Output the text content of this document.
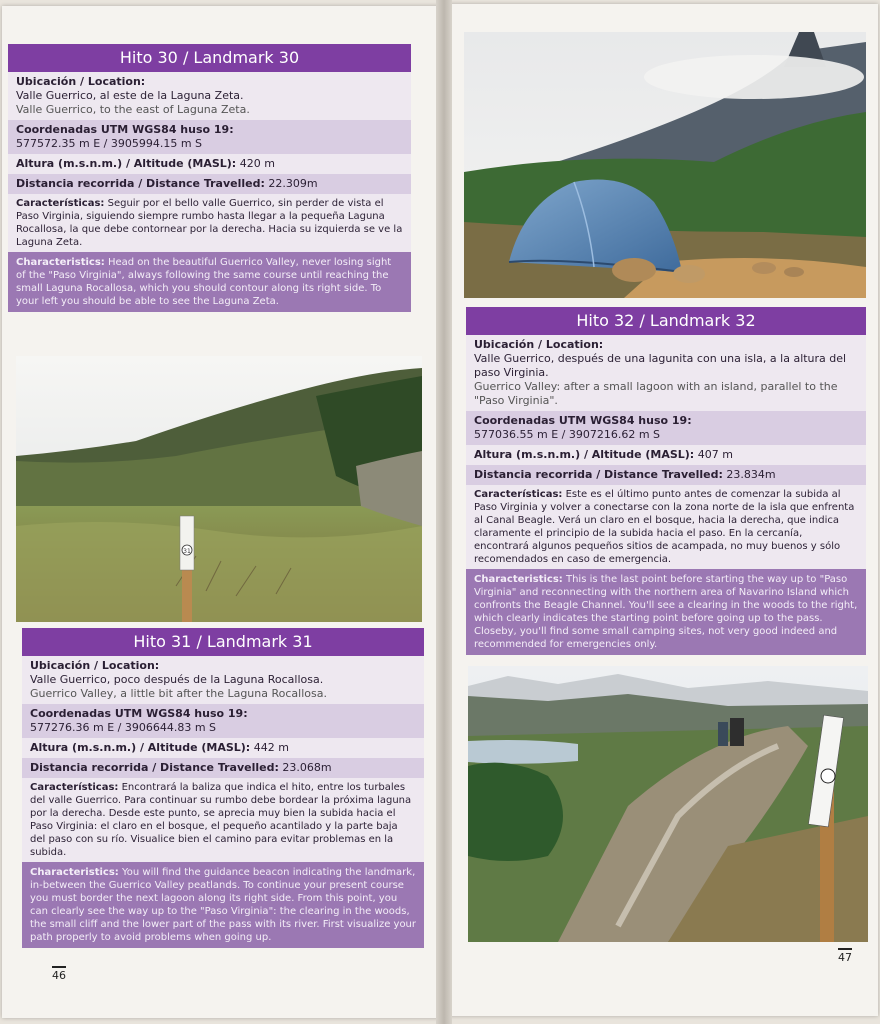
Hito 30 / Landmark 30
Ubicación / Location:
Valle Guerrico, al este de la Laguna Zeta.
Valle Guerrico, to the east of Laguna Zeta.
Coordenadas UTM WGS84 huso 19:
577572.35 m E / 3905994.15 m S
Altura (m.s.n.m.) / Altitude (MASL): 420 m
Distancia recorrida / Distance Travelled: 22.309m
Características: Seguir por el bello valle Guerrico, sin perder de vista el Paso Virginia, siguiendo siempre rumbo hasta llegar a la pequeña Laguna Rocallosa, la que debe contornear por la derecha. Hacia su izquierda se ve la Laguna Zeta.
Characteristics: Head on the beautiful Guerrico Valley, never losing sight of the "Paso Virginia", always following the same course until reaching the small Laguna Rocallosa, which you should contour along its right side. To your left you should be able to see the Laguna Zeta.
31
Hito 31 / Landmark 31
Ubicación / Location:
Valle Guerrico, poco después de la Laguna Rocallosa.
Guerrico Valley, a little bit after the Laguna Rocallosa.
Coordenadas UTM WGS84 huso 19:
577276.36 m E / 3906644.83 m S
Altura (m.s.n.m.) / Altitude (MASL): 442 m
Distancia recorrida / Distance Travelled: 23.068m
Características: Encontrará la baliza que indica el hito, entre los turbales del valle Guerrico. Para continuar su rumbo debe bordear la próxima laguna por la derecha. Desde este punto, se aprecia muy bien la subida hacia el Paso Virginia: el claro en el bosque, el pequeño acantilado y la parte baja del paso con su río. Visualice bien el camino para evitar problemas en la subida.
Characteristics: You will find the guidance beacon indicating the landmark, in-between the Guerrico Valley peatlands. To continue your present course you must border the next lagoon along its right side. From this point, you can clearly see the way up to the "Paso Virginia": the clearing in the woods, the small cliff and the lower part of the pass with its river. First visualize your path properly to avoid problems when going up.
46
Hito 32 / Landmark 32
Ubicación / Location:
Valle Guerrico, después de una lagunita con una isla, a la altura del paso Virginia.
Guerrico Valley: after a small lagoon with an island, parallel to the "Paso Virginia".
Coordenadas UTM WGS84 huso 19:
577036.55 m E / 3907216.62 m S
Altura (m.s.n.m.) / Altitude (MASL): 407 m
Distancia recorrida / Distance Travelled: 23.834m
Características: Este es el último punto antes de comenzar la subida al Paso Virginia y volver a conectarse con la zona norte de la isla que enfrenta al Canal Beagle. Verá un claro en el bosque, hacia la derecha, que indica claramente el principio de la subida hacia el paso. En la cercanía, encontrará algunos pequeños sitios de acampada, no muy buenos y sólo recomendados en caso de emergencia.
Characteristics: This is the last point before starting the way up to "Paso Virginia" and reconnecting with the northern area of Navarino Island which confronts the Beagle Channel. You'll see a clearing in the woods to the right, which clearly indicates the starting point before going up to the pass. Closeby, you'll find some small camping sites, not very good indeed and recommended for emergencies only.
47
